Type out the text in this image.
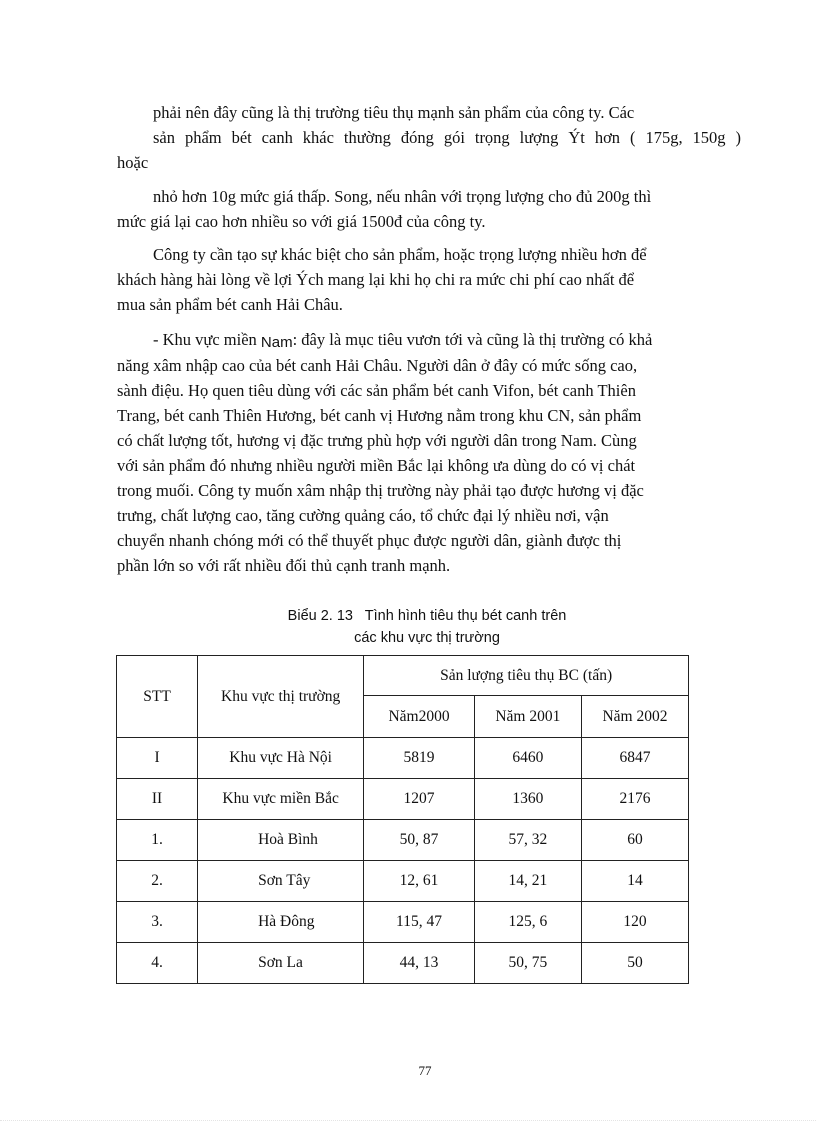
phải nên đây cũng là thị trường tiêu thụ mạnh sản phẩm của công ty. Các
sản phẩm bét canh khác thường đóng gói trọng lượng Ýt hơn ( 175g, 150g )
hoặc

nhỏ hơn 10g mức giá thấp. Song, nếu nhân với trọng lượng cho đủ 200g thì
mức giá lại cao hơn nhiều so với giá 1500đ của công ty.

Công ty cần tạo sự khác biệt cho sản phẩm, hoặc trọng lượng nhiều hơn để
khách hàng hài lòng về lợi Ých mang lại khi họ chi ra mức chi phí cao nhất để
mua sản phẩm bét canh Hải Châu.

- Khu vực miền Nam: đây là mục tiêu vươn tới và cũng là thị trường có khả
năng xâm nhập cao của bét canh Hải Châu. Người dân ở đây có mức sống cao,
sành điệu. Họ quen tiêu dùng với các sản phẩm bét canh Vifon, bét canh Thiên
Trang, bét canh Thiên Hương, bét canh vị Hương nằm trong khu CN, sản phẩm
có chất lượng tốt, hương vị đặc trưng phù hợp với người dân trong Nam. Cùng
với sản phẩm đó nhưng nhiều người miền Bắc lại không ưa dùng do có vị chát
trong muối. Công ty muốn xâm nhập thị trường này phải tạo được hương vị đặc
trưng, chất lượng cao, tăng cường quảng cáo, tổ chức đại lý nhiều nơi, vận
chuyển nhanh chóng mới có thể thuyết phục được người dân, giành được thị
phần lớn so với rất nhiều đối thủ cạnh tranh mạnh.

Biểu 2. 13   Tình hình tiêu thụ bét canh trên
các khu vực thị trường
STT	Khu vực thị trường	Sản lượng tiêu thụ BC (tấn)		
		Năm2000	Năm 2001	Năm 2002
I	Khu vực Hà Nội	5819	6460	6847
II	Khu vực miền Bắc	1207	1360	2176
1.	Hoà Bình	50, 87	57, 32	60
2.	Sơn Tây	12, 61	14, 21	14
3.	Hà Đông	115, 47	125, 6	120
4.	Sơn La	44, 13	50, 75	50
77
